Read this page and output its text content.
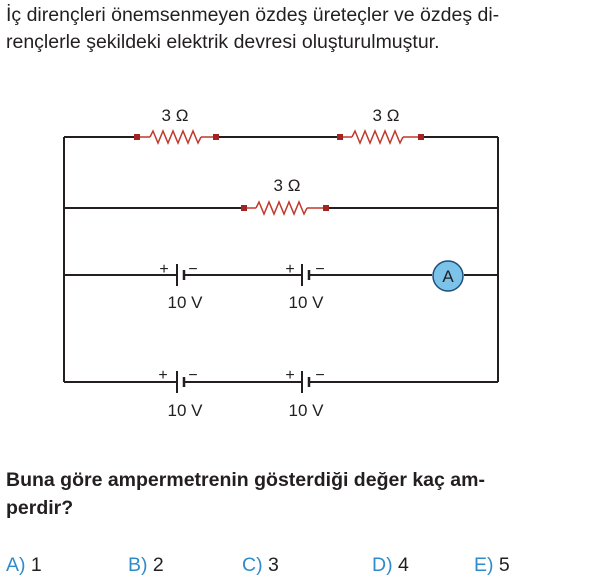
İç dirençleri önemsenmeyen özdeş üreteçler ve özdeş di-
rençlerle şekildeki elektrik devresi oluşturulmuştur.
3 Ω	3 Ω
3 Ω
+ −
10 V
+ −
10 V
A
+ −
10 V
+ −
10 V
Buna göre ampermetrenin gösterdiği değer kaç am-
perdir?
A) 1	B) 2	C) 3	D) 4	E) 5
